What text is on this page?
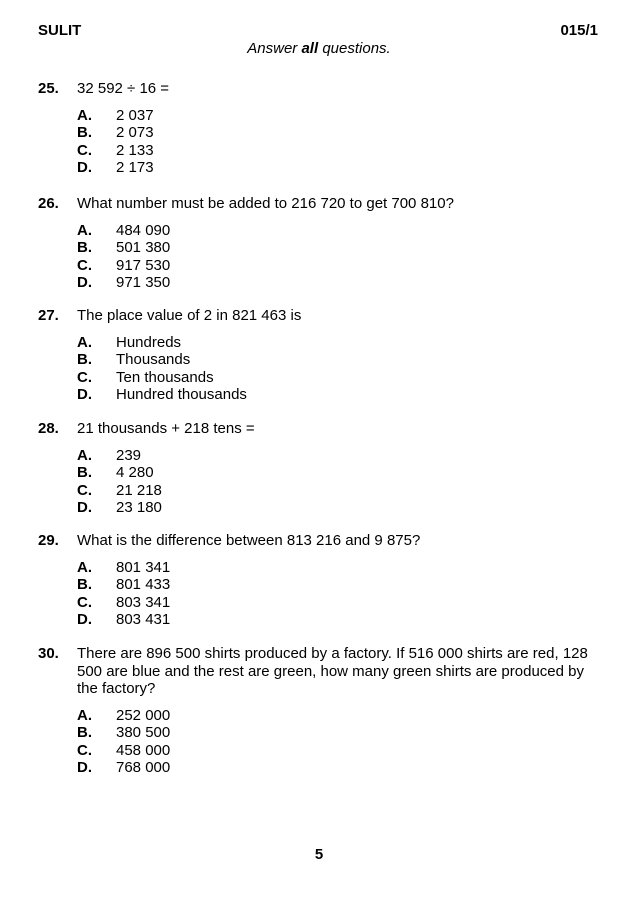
SULIT	015/1
Answer all questions.
25.	32 592 ÷ 16 =
A.	2 037
B.	2 073
C.	2 133
D.	2 173
26.	What number must be added to 216 720 to get 700 810?
A.	484 090
B.	501 380
C.	917 530
D.	971 350
27.	The place value of 2 in 821 463 is
A.	Hundreds
B.	Thousands
C.	Ten thousands
D.	Hundred thousands
28.	21 thousands + 218 tens =
A.	239
B.	4 280
C.	21 218
D.	23 180
29.	What is the difference between 813 216 and 9 875?
A.	801 341
B.	801 433
C.	803 341
D.	803 431
30.	There are 896 500 shirts produced by a factory. If 516 000 shirts are red, 128 500 are blue and the rest are green, how many green shirts are produced by the factory?
A.	252 000
B.	380 500
C.	458 000
D.	768 000
5
